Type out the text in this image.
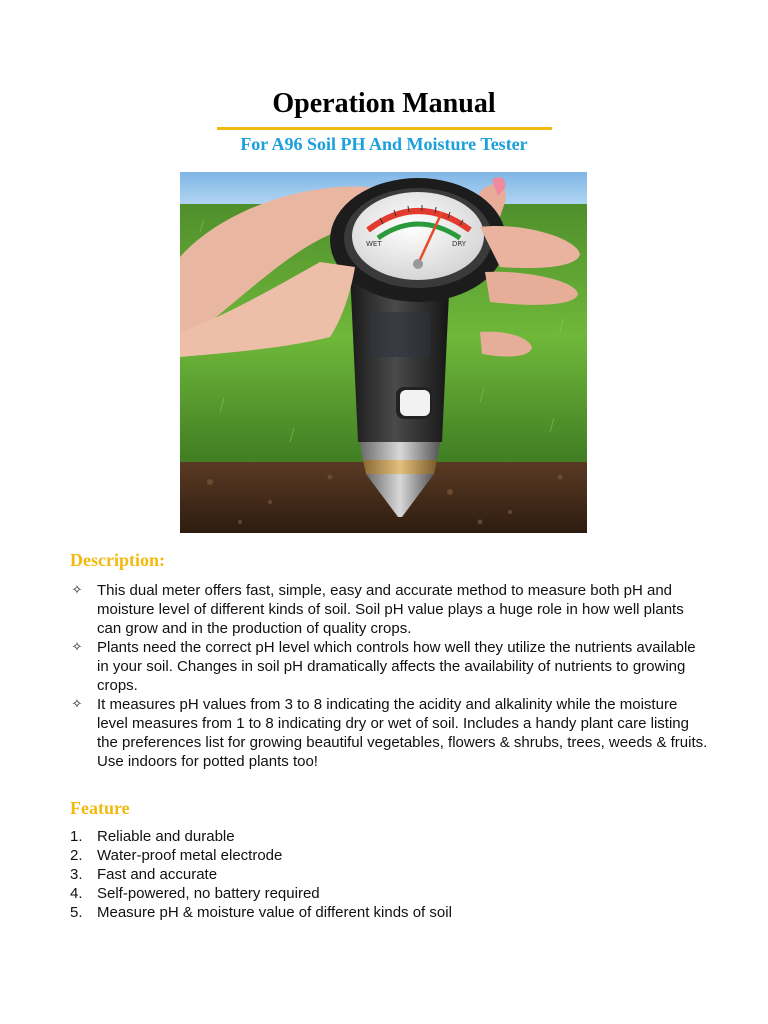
Operation Manual
For A96 Soil PH And Moisture Tester
WET	DRY
Description:
✧ This dual meter offers fast, simple, easy and accurate method to measure both pH and moisture level of different kinds of soil. Soil pH value plays a huge role in how well plants can grow and in the production of quality crops.
✧ Plants need the correct pH level which controls how well they utilize the nutrients available in your soil. Changes in soil pH dramatically affects the availability of nutrients to growing crops.
✧ It measures pH values from 3 to 8 indicating the acidity and alkalinity while the moisture level measures from 1 to 8 indicating dry or wet of soil. Includes a handy plant care listing the preferences list for growing beautiful vegetables, flowers & shrubs, trees, weeds & fruits. Use indoors for potted plants too!
Feature
1. Reliable and durable
2. Water-proof metal electrode
3. Fast and accurate
4. Self-powered, no battery required
5. Measure pH & moisture value of different kinds of soil
